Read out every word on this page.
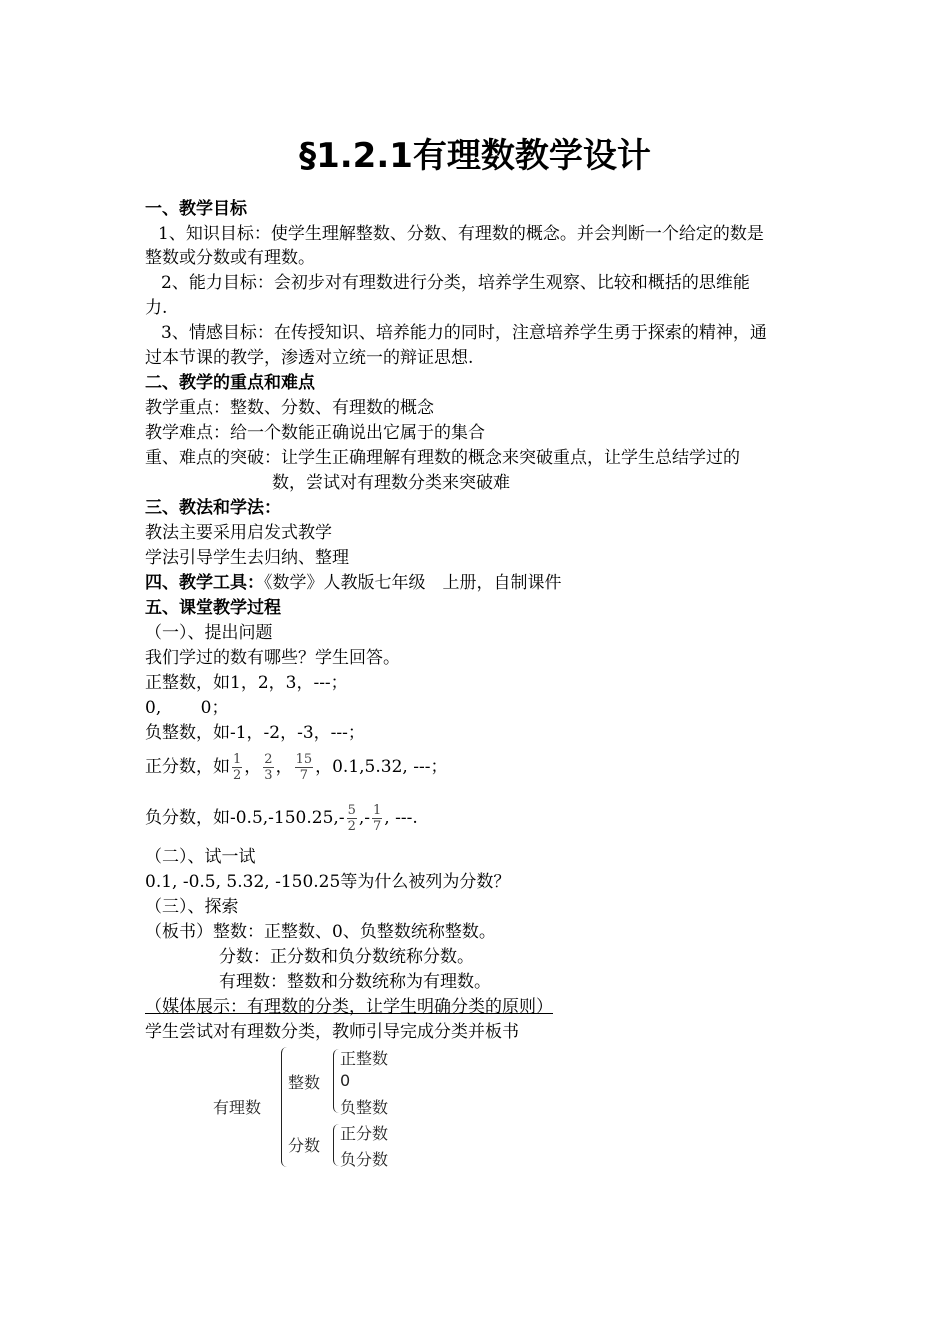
§1.2.1有理数教学设计
一、教学目标
1、知识目标：使学生理解整数、分数、有理数的概念。并会判断一个给定的数是
整数或分数或有理数。
2、能力目标：会初步对有理数进行分类，培养学生观察、比较和概括的思维能
力.
3、情感目标：在传授知识、培养能力的同时，注意培养学生勇于探索的精神，通
过本节课的教学，渗透对立统一的辩证思想.
二、教学的重点和难点
教学重点：整数、分数、有理数的概念
教学难点：给一个数能正确说出它属于的集合
重、难点的突破：让学生正确理解有理数的概念来突破重点，让学生总结学过的
数，尝试对有理数分类来突破难
三、教法和学法：
教法主要采用启发式教学
学法引导学生去归纳、整理
四、教学工具：《数学》人教版七年级　上册，自制课件
五、课堂教学过程
（一）、提出问题
我们学过的数有哪些？学生回答。
正整数，如1，2，3，---；
0,　　 0；
负整数，如-1，-2，-3，---；
正分数，如 $\frac{1}{2}$ ， $\frac{2}{3}$ ， $\frac{15}{7}$ ，0.1,5.32, ---；
负分数，如$-0.5,-150.25,- \frac{5}{2}$ ,- $\frac{1}{7}$ , ---.
（二）、试一试
0.1, -0.5, 5.32, -150.25等为什么被列为分数？
（三）、探索
（板书）整数：正整数、0、负整数统称整数。
分数：正分数和负分数统称分数。
有理数：整数和分数统称为有理数。
（媒体展示：有理数的分类，让学生明确分类的原则）
学生尝试对有理数分类，教师引导完成分类并板书
有理数
整数
正整数
0
负整数
分数
正分数
负分数
